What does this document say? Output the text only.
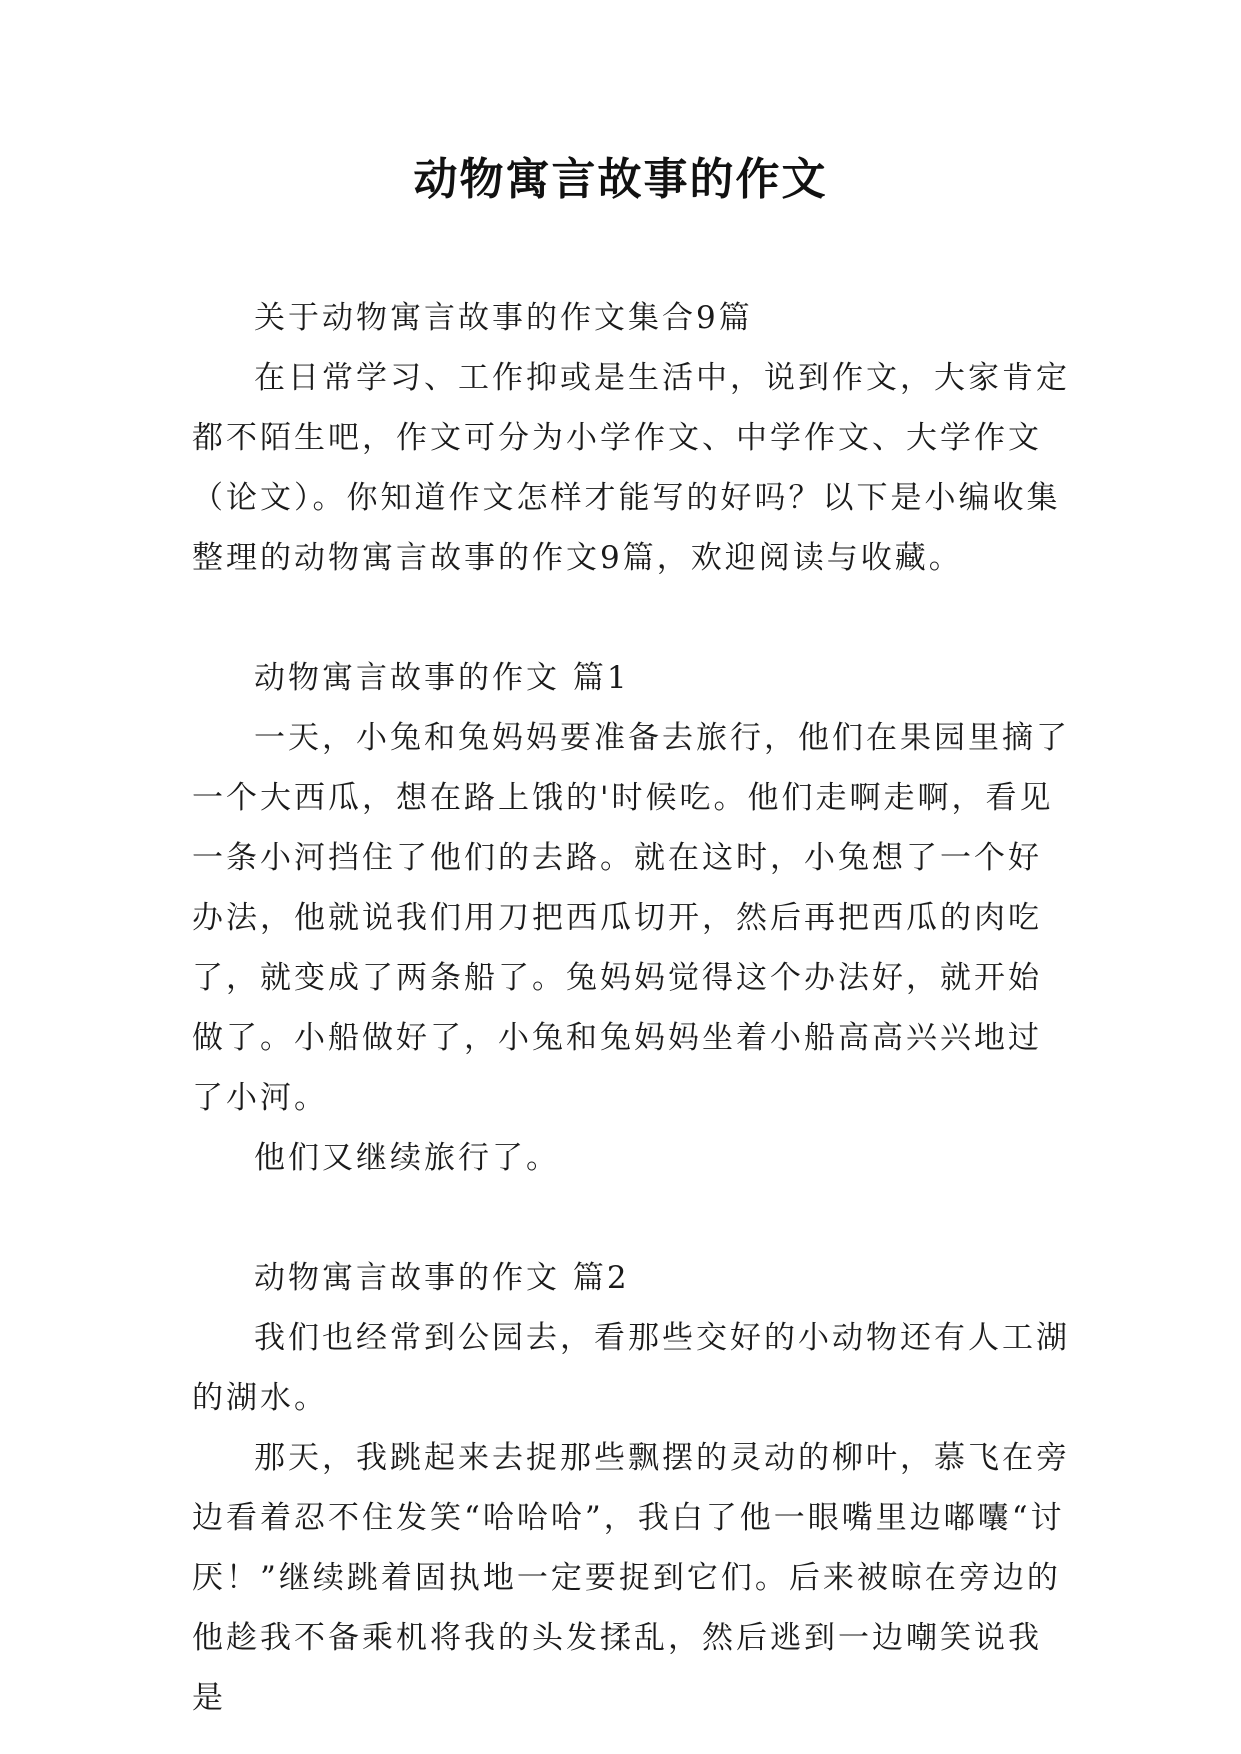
动物寓言故事的作文

关于动物寓言故事的作文集合9篇

在日常学习、工作抑或是生活中，说到作文，大家肯定都不陌生吧，作文可分为小学作文、中学作文、大学作文（论文）。你知道作文怎样才能写的好吗？以下是小编收集整理的动物寓言故事的作文9篇，欢迎阅读与收藏。

动物寓言故事的作文 篇1

一天，小兔和兔妈妈要准备去旅行，他们在果园里摘了一个大西瓜，想在路上饿的'时候吃。他们走啊走啊，看见一条小河挡住了他们的去路。就在这时，小兔想了一个好办法，他就说我们用刀把西瓜切开，然后再把西瓜的肉吃了，就变成了两条船了。兔妈妈觉得这个办法好，就开始做了。小船做好了，小兔和兔妈妈坐着小船高高兴兴地过了小河。

他们又继续旅行了。

动物寓言故事的作文 篇2

我们也经常到公园去，看那些交好的小动物还有人工湖的湖水。

那天，我跳起来去捉那些飘摆的灵动的柳叶，慕飞在旁边看着忍不住发笑“哈哈哈”，我白了他一眼嘴里边嘟囔“讨厌！”继续跳着固执地一定要捉到它们。后来被晾在旁边的他趁我不备乘机将我的头发揉乱，然后逃到一边嘲笑说我是
